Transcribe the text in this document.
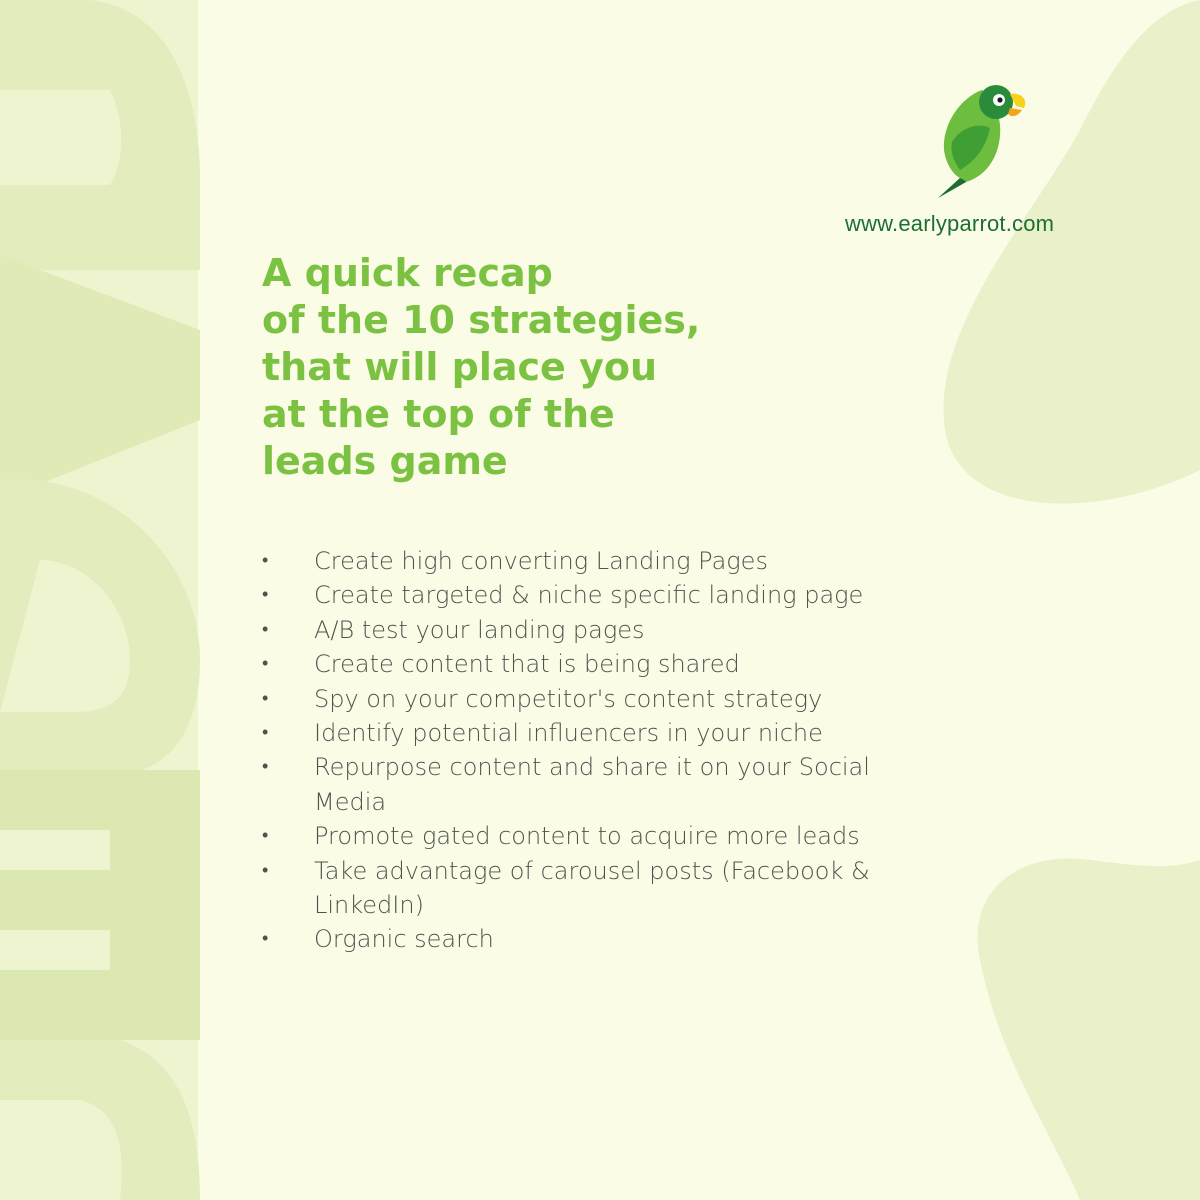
www.earlyparrot.com
A quick recap
of the 10 strategies,
that will place you
at the top of the
leads game
• Create high converting Landing Pages
• Create targeted & niche specific landing page
• A/B test your landing pages
• Create content that is being shared
• Spy on your competitor's content strategy
• Identify potential influencers in your niche
• Repurpose content and share it on your Social Media
• Promote gated content to acquire more leads
• Take advantage of carousel posts (Facebook & LinkedIn)
• Organic search
